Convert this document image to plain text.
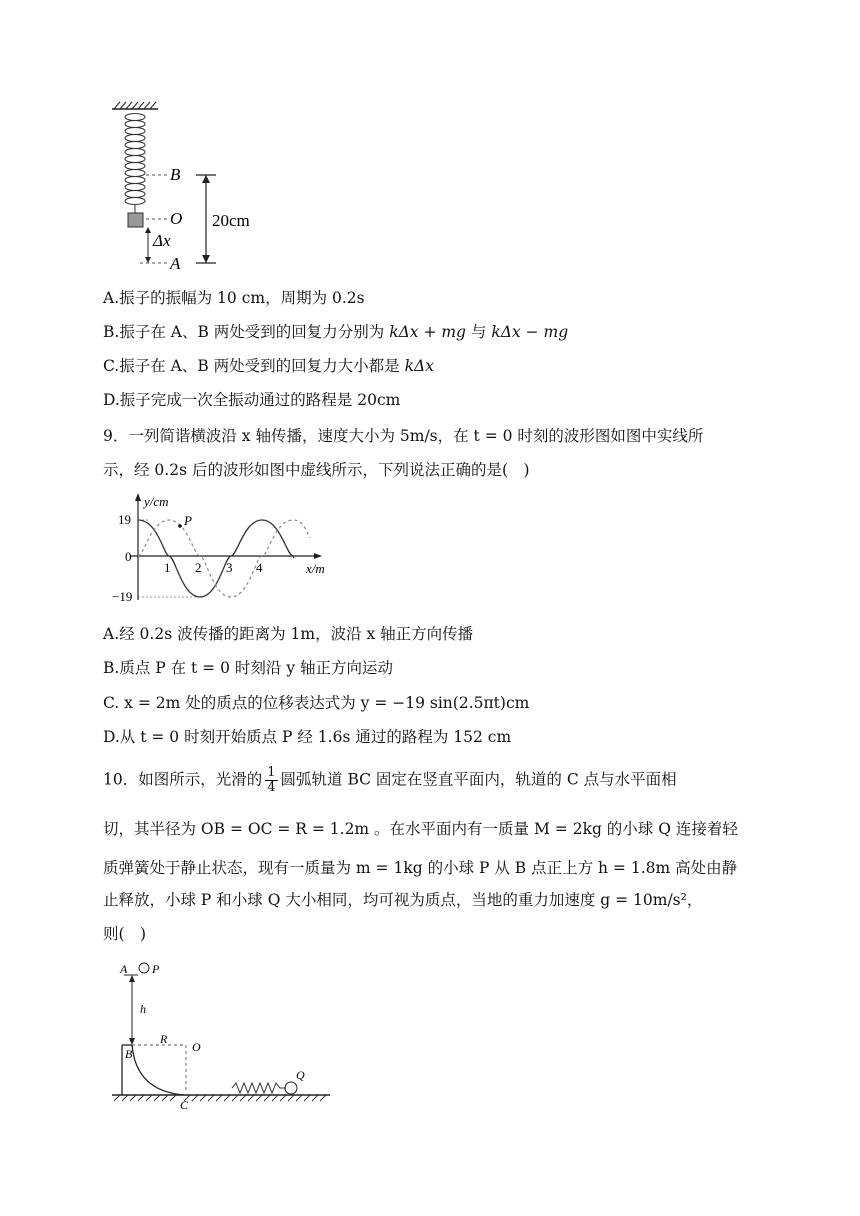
Δx
B
O
A
20cm
A.振子的振幅为 10 cm，周期为 0.2s
B.振子在 A、B 两处受到的回复力分别为 kΔx + mg 与 kΔx − mg
C.振子在 A、B 两处受到的回复力大小都是 kΔx
D.振子完成一次全振动通过的路程是 20cm
9．一列简谐横波沿 x 轴传播，速度大小为 5m/s，在 t = 0 时刻的波形图如图中实线所
示，经 0.2s 后的波形如图中虚线所示，下列说法正确的是(　)
y/cm
x/m
19
0
−19
1 2 3 4
P
A.经 0.2s 波传播的距离为 1m，波沿 x 轴正方向传播
B.质点 P 在 t = 0 时刻沿 y 轴正方向运动
C. x = 2m 处的质点的位移表达式为 y = −19 sin(2.5πt)cm
D.从 t = 0 时刻开始质点 P 经 1.6s 通过的路程为 152 cm
10．如图所示，光滑的 $\frac{1}{4}$ 圆弧轨道 BC 固定在竖直平面内，轨道的 C 点与水平面相
切，其半径为 OB = OC = R = 1.2m 。在水平面内有一质量 M = 2kg 的小球 Q 连接着轻
质弹簧处于静止状态，现有一质量为 m = 1kg 的小球 P 从 B 点正上方 h = 1.8m 高处由静
止释放，小球 P 和小球 Q 大小相同，均可视为质点，当地的重力加速度 g = 10m/s²，
则(　)
A P
h
B
R
O
C
Q
